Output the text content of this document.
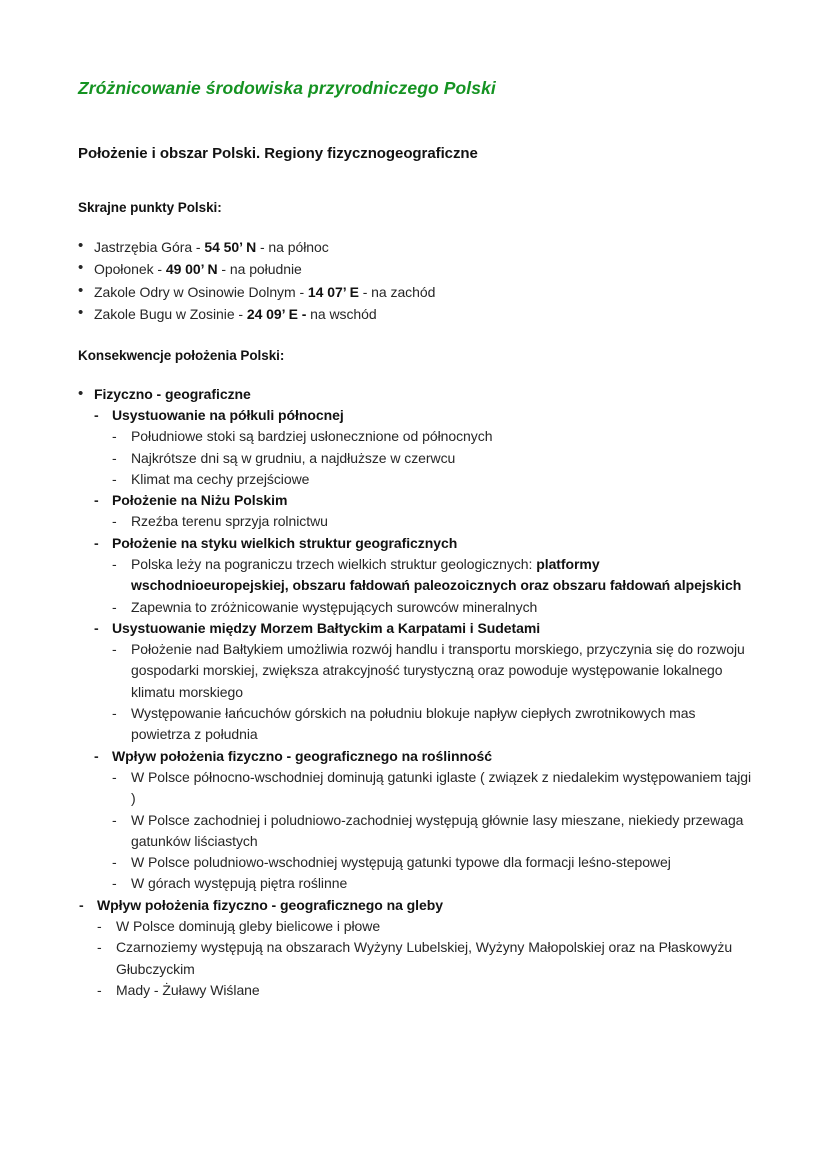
Zróżnicowanie środowiska przyrodniczego Polski
Położenie i obszar Polski. Regiony fizycznogeograficzne
Skrajne punkty Polski:
• Jastrzębia Góra - 54 50’ N - na północ
• Opołonek - 49 00’ N - na południe
• Zakole Odry w Osinowie Dolnym - 14 07’ E - na zachód
• Zakole Bugu w Zosinie - 24 09’ E - na wschód
Konsekwencje położenia Polski:
• Fizyczno - geograficzne
- Usystuowanie na półkuli północnej
-	Południowe stoki są bardziej usłonecznione od północnych
-	Najkrótsze dni są w grudniu, a najdłuższe w czerwcu
-	Klimat ma cechy przejściowe
- Położenie na Niżu Polskim
-	Rzeźba terenu sprzyja rolnictwu
- Położenie na styku wielkich struktur geograficznych
-	Polska leży na pograniczu trzech wielkich struktur geologicznych: platformy wschodnioeuropejskiej, obszaru fałdowań paleozoicznych oraz obszaru fałdowań alpejskich
-	Zapewnia to zróżnicowanie występujących surowców mineralnych
- Usystuowanie między Morzem Bałtyckim a Karpatami i Sudetami
-	Położenie nad Bałtykiem umożliwia rozwój handlu i transportu morskiego, przyczynia się do rozwoju gospodarki morskiej, zwiększa atrakcyjność turystyczną oraz powoduje występowanie lokalnego klimatu morskiego
-	Występowanie łańcuchów górskich na południu blokuje napływ ciepłych zwrotnikowych mas powietrza z południa
- Wpływ położenia fizyczno - geograficznego na roślinność
-	W Polsce północno-wschodniej dominują gatunki iglaste ( związek z niedalekim występowaniem tajgi )
-	W Polsce zachodniej i poludniowo-zachodniej występują głównie lasy mieszane, niekiedy przewaga gatunków liściastych
-	W Polsce poludniowo-wschodniej występują gatunki typowe dla formacji leśno-stepowej
-	W górach występują piętra roślinne
- Wpływ położenia fizyczno - geograficznego na gleby
-	W Polsce dominują gleby bielicowe i płowe
-	Czarnoziemy występują na obszarach Wyżyny Lubelskiej, Wyżyny Małopolskiej oraz na Płaskowyżu Głubczyckim
-	Mady - Żuławy Wiślane
